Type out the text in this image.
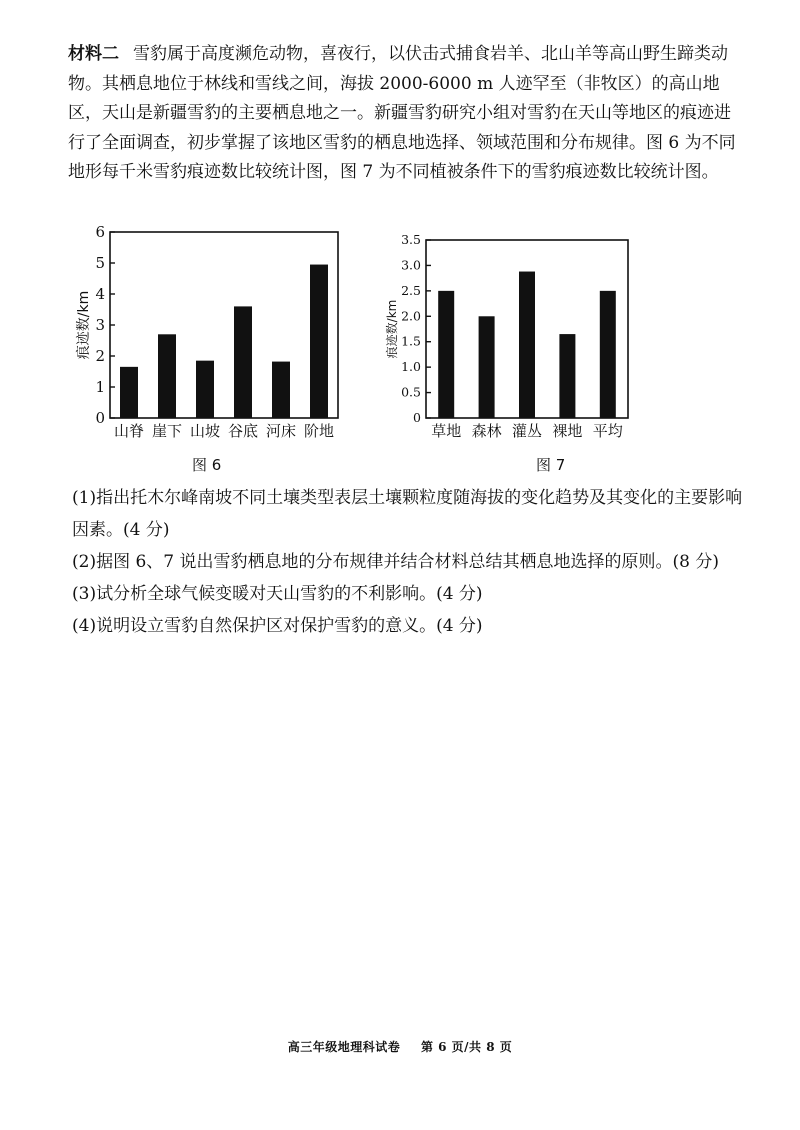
材料二 雪豹属于高度濒危动物，喜夜行，以伏击式捕食岩羊、北山羊等高山野生蹄类动物。其栖息地位于林线和雪线之间，海拔 2000-6000 m 人迹罕至（非牧区）的高山地区，天山是新疆雪豹的主要栖息地之一。新疆雪豹研究小组对雪豹在天山等地区的痕迹进行了全面调查，初步掌握了该地区雪豹的栖息地选择、领域范围和分布规律。图 6 为不同地形每千米雪豹痕迹数比较统计图，图 7 为不同植被条件下的雪豹痕迹数比较统计图。

0
1
2
3
4
5
6
痕迹数/km
山脊 崖下 山坡 谷底 河床 阶地
图 6
0
0.5
1.0
1.5
2.0
2.5
3.0
3.5
痕迹数/km
草地 森林 灌丛 裸地 平均
图 7

(1)指出托木尔峰南坡不同土壤类型表层土壤颗粒度随海拔的变化趋势及其变化的主要影响因素。(4 分)

(2)据图 6、7 说出雪豹栖息地的分布规律并结合材料总结其栖息地选择的原则。(8 分)

(3)试分析全球气候变暖对天山雪豹的不利影响。(4 分)

(4)说明设立雪豹自然保护区对保护雪豹的意义。(4 分)

高三年级地理科试卷 第 6 页/共 8 页
